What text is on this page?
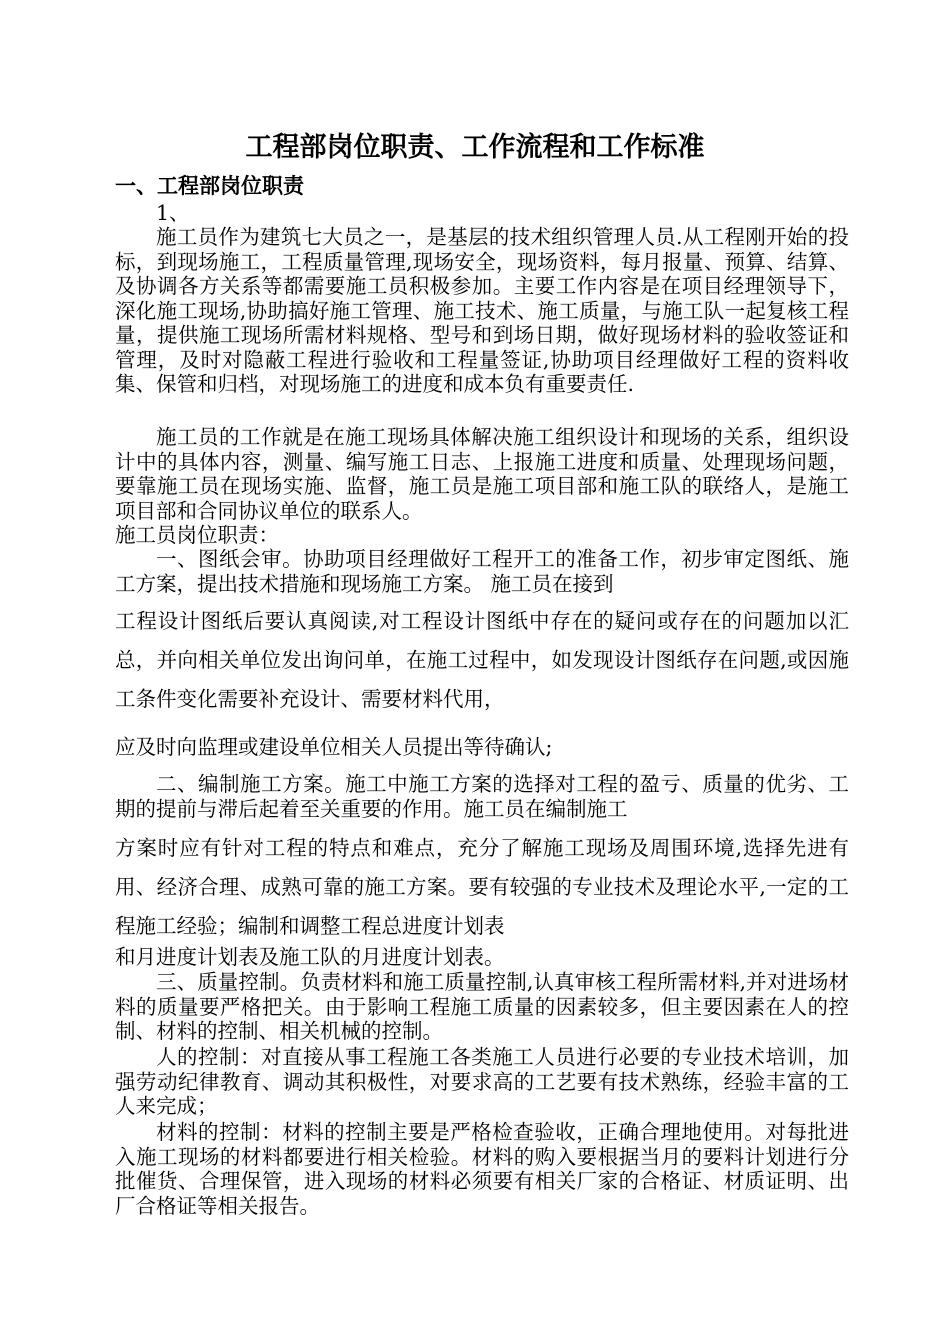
工程部岗位职责、工作流程和工作标准
一、工程部岗位职责

1、

施工员作为建筑七大员之一，是基层的技术组织管理人员.从工程刚开始的投标，到现场施工，工程质量管理,现场安全，现场资料，每月报量、预算、结算、及协调各方关系等都需要施工员积极参加。主要工作内容是在项目经理领导下，深化施工现场,协助搞好施工管理、施工技术、施工质量，与施工队一起复核工程量，提供施工现场所需材料规格、型号和到场日期，做好现场材料的验收签证和管理，及时对隐蔽工程进行验收和工程量签证,协助项目经理做好工程的资料收集、保管和归档，对现场施工的进度和成本负有重要责任.

施工员的工作就是在施工现场具体解决施工组织设计和现场的关系，组织设计中的具体内容，测量、编写施工日志、上报施工进度和质量、处理现场问题，要靠施工员在现场实施、监督，施工员是施工项目部和施工队的联络人，是施工项目部和合同协议单位的联系人。

施工员岗位职责：

一、图纸会审。协助项目经理做好工程开工的准备工作，初步审定图纸、施工方案，提出技术措施和现场施工方案。 施工员在接到

工程设计图纸后要认真阅读,对工程设计图纸中存在的疑问或存在的问题加以汇总，并向相关单位发出询问单，在施工过程中，如发现设计图纸存在问题,或因施工条件变化需要补充设计、需要材料代用，

应及时向监理或建设单位相关人员提出等待确认;

二、编制施工方案。施工中施工方案的选择对工程的盈亏、质量的优劣、工期的提前与滞后起着至关重要的作用。施工员在编制施工

方案时应有针对工程的特点和难点，充分了解施工现场及周围环境,选择先进有用、经济合理、成熟可靠的施工方案。要有较强的专业技术及理论水平,一定的工程施工经验；编制和调整工程总进度计划表

和月进度计划表及施工队的月进度计划表。

三、质量控制。负责材料和施工质量控制,认真审核工程所需材料,并对进场材料的质量要严格把关。由于影响工程施工质量的因素较多，但主要因素在人的控制、材料的控制、相关机械的控制。

人的控制：对直接从事工程施工各类施工人员进行必要的专业技术培训，加强劳动纪律教育、调动其积极性，对要求高的工艺要有技术熟练，经验丰富的工人来完成；

材料的控制：材料的控制主要是严格检查验收，正确合理地使用。对每批进入施工现场的材料都要进行相关检验。材料的购入要根据当月的要料计划进行分批催货、合理保管，进入现场的材料必须要有相关厂家的合格证、材质证明、出厂合格证等相关报告。
